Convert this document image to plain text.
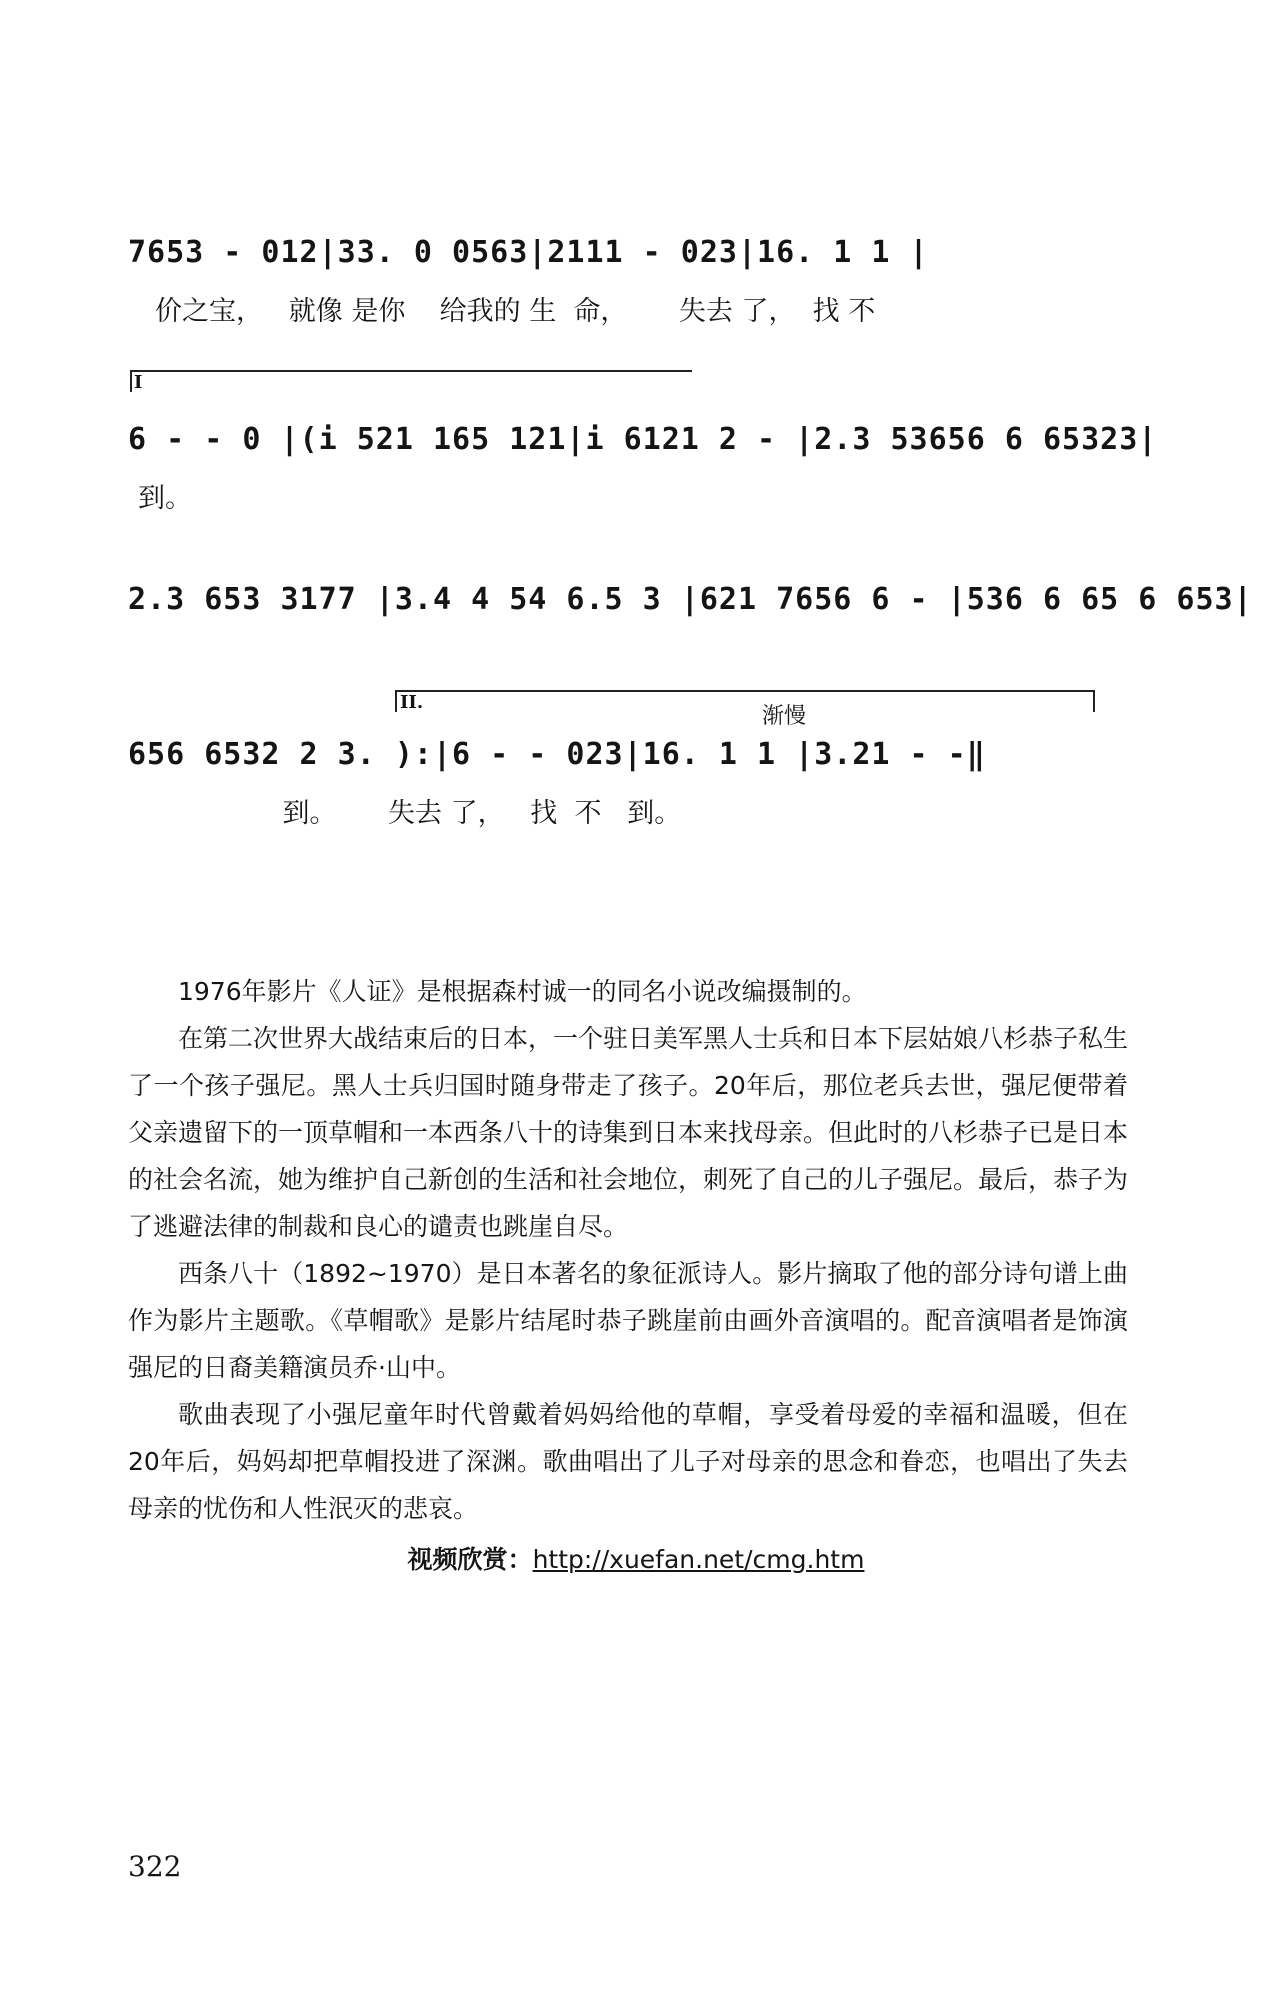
7653 - 012|33. 0 0563|2111 - 023|16. 1 1 |
价之宝，   就像 是你    给我的 生  命，      失去 了，  找 不
I
6 - - 0 |(i 521 165 121|i 6121 2 - |2.3 53656 6 65323|
到。
2.3 653 3177 |3.4 4 54 6.5 3 |621 7656 6 - |536 6 65 6 653|
II.
渐慢
656 6532 2 3. ):|6 - - 023|16. 1 1 |3.21 - -‖
到。      失去 了，   找  不   到。

1976年影片《人证》是根据森村诚一的同名小说改编摄制的。

在第二次世界大战结束后的日本，一个驻日美军黑人士兵和日本下层姑娘八杉恭子私生了一个孩子强尼。黑人士兵归国时随身带走了孩子。20年后，那位老兵去世，强尼便带着父亲遗留下的一顶草帽和一本西条八十的诗集到日本来找母亲。但此时的八杉恭子已是日本的社会名流，她为维护自己新创的生活和社会地位，刺死了自己的儿子强尼。最后，恭子为了逃避法律的制裁和良心的谴责也跳崖自尽。

西条八十（1892~1970）是日本著名的象征派诗人。影片摘取了他的部分诗句谱上曲作为影片主题歌。《草帽歌》是影片结尾时恭子跳崖前由画外音演唱的。配音演唱者是饰演强尼的日裔美籍演员乔·山中。

歌曲表现了小强尼童年时代曾戴着妈妈给他的草帽，享受着母爱的幸福和温暖，但在20年后，妈妈却把草帽投进了深渊。歌曲唱出了儿子对母亲的思念和眷恋，也唱出了失去母亲的忧伤和人性泯灭的悲哀。

视频欣赏：http://xuefan.net/cmg.htm
322
